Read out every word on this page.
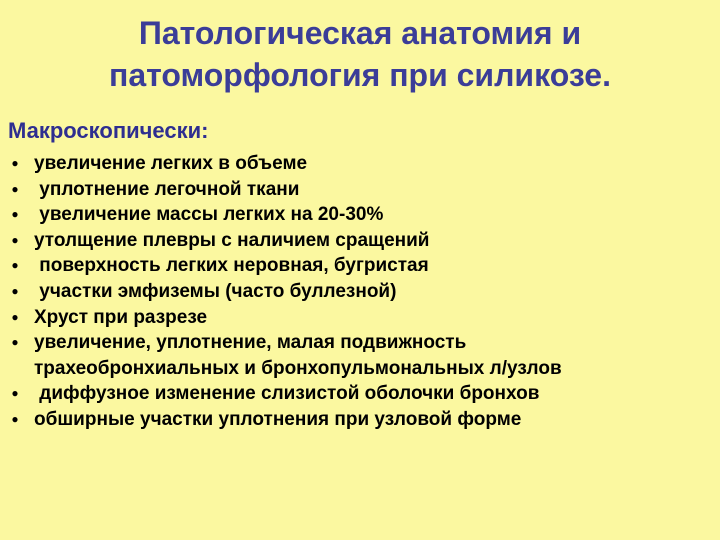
Патологическая анатомия и
патоморфология при силикозе.

Макроскопически:

● увеличение легких в объеме
● уплотнение легочной ткани
● увеличение массы легких на 20-30%
● утолщение плевры с наличием сращений
● поверхность легких неровная, бугристая
● участки эмфиземы (часто буллезной)
● Хруст при разрезе
● увеличение, уплотнение, малая подвижность
трахеобронхиальных и бронхопульмональных л/узлов
● диффузное изменение слизистой оболочки бронхов
● обширные участки уплотнения при узловой форме
